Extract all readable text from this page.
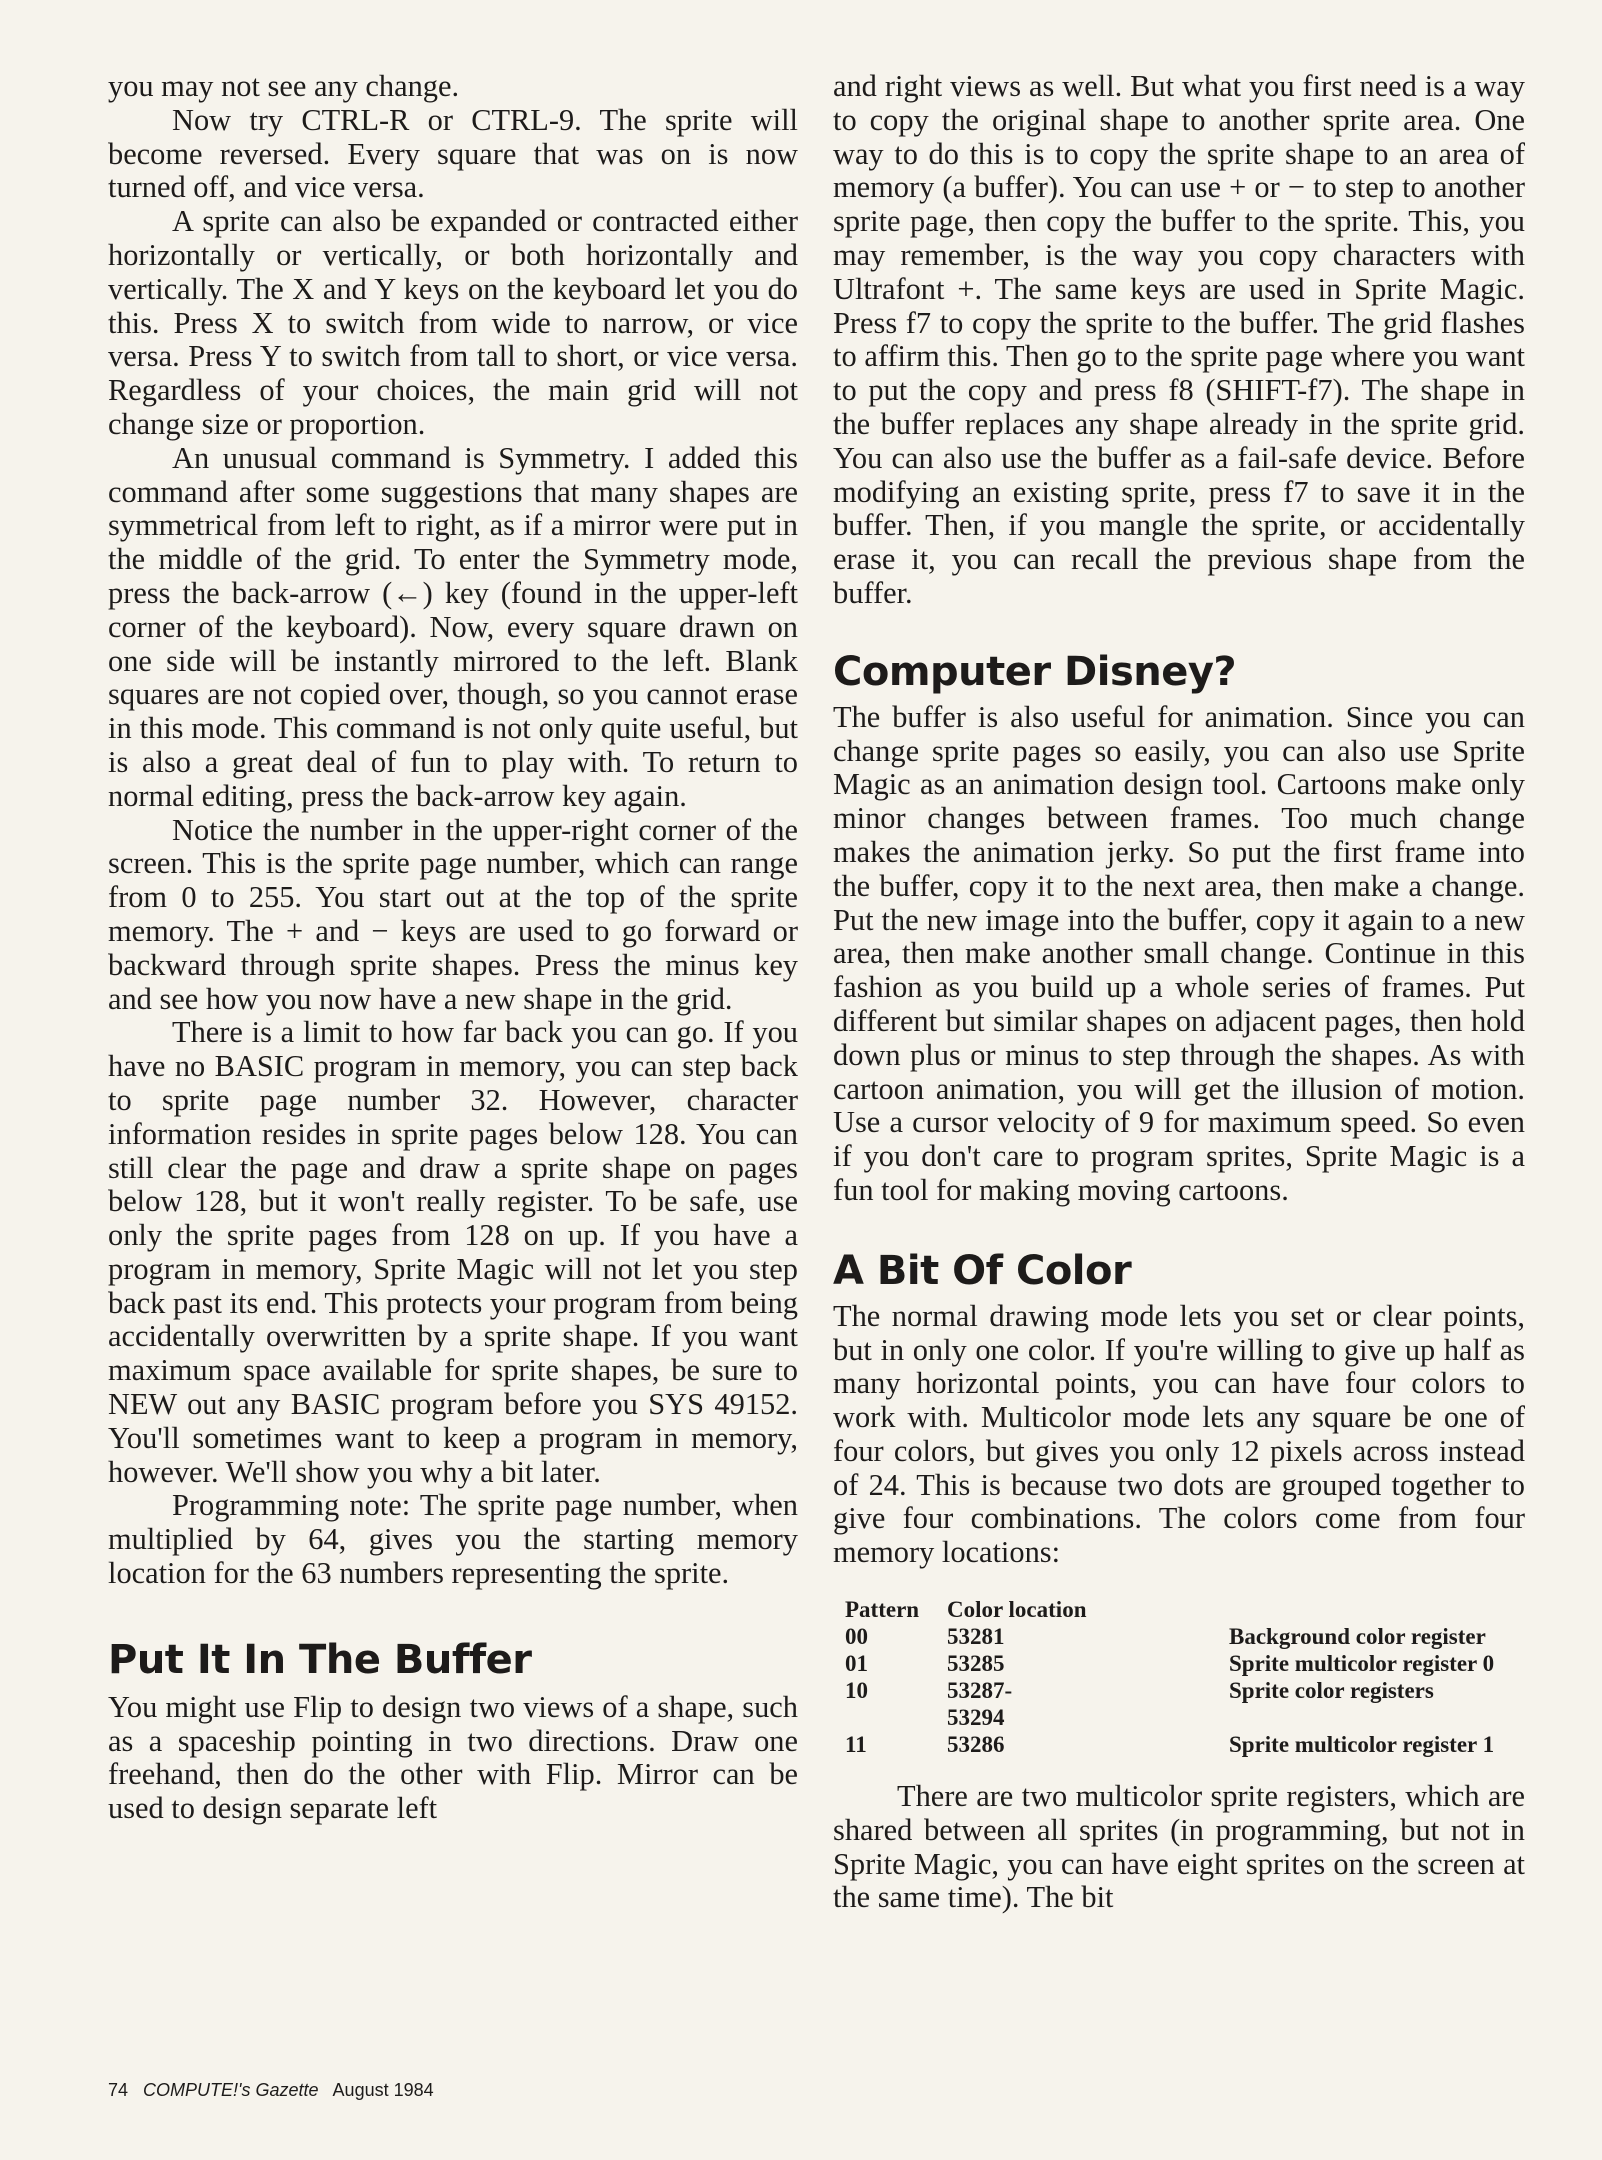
you may not see any change.

Now try CTRL-R or CTRL-9. The sprite will become reversed. Every square that was on is now turned off, and vice versa.

A sprite can also be expanded or contracted either horizontally or vertically, or both horizontally and vertically. The X and Y keys on the keyboard let you do this. Press X to switch from wide to narrow, or vice versa. Press Y to switch from tall to short, or vice versa. Regardless of your choices, the main grid will not change size or proportion.

An unusual command is Symmetry. I added this command after some suggestions that many shapes are symmetrical from left to right, as if a mirror were put in the middle of the grid. To enter the Symmetry mode, press the back-arrow (←) key (found in the upper-left corner of the keyboard). Now, every square drawn on one side will be instantly mirrored to the left. Blank squares are not copied over, though, so you cannot erase in this mode. This command is not only quite useful, but is also a great deal of fun to play with. To return to normal editing, press the back-arrow key again.

Notice the number in the upper-right corner of the screen. This is the sprite page number, which can range from 0 to 255. You start out at the top of the sprite memory. The + and − keys are used to go forward or backward through sprite shapes. Press the minus key and see how you now have a new shape in the grid.

There is a limit to how far back you can go. If you have no BASIC program in memory, you can step back to sprite page number 32. However, character information resides in sprite pages below 128. You can still clear the page and draw a sprite shape on pages below 128, but it won't really register. To be safe, use only the sprite pages from 128 on up. If you have a program in memory, Sprite Magic will not let you step back past its end. This protects your program from being accidentally overwritten by a sprite shape. If you want maximum space available for sprite shapes, be sure to NEW out any BASIC program before you SYS 49152. You'll sometimes want to keep a program in memory, however. We'll show you why a bit later.

Programming note: The sprite page number, when multiplied by 64, gives you the starting memory location for the 63 numbers representing the sprite.

Put It In The Buffer

You might use Flip to design two views of a shape, such as a spaceship pointing in two directions. Draw one freehand, then do the other with Flip. Mirror can be used to design separate left

and right views as well. But what you first need is a way to copy the original shape to another sprite area. One way to do this is to copy the sprite shape to an area of memory (a buffer). You can use + or − to step to another sprite page, then copy the buffer to the sprite. This, you may remember, is the way you copy characters with Ultrafont +. The same keys are used in Sprite Magic. Press f7 to copy the sprite to the buffer. The grid flashes to affirm this. Then go to the sprite page where you want to put the copy and press f8 (SHIFT-f7). The shape in the buffer replaces any shape already in the sprite grid. You can also use the buffer as a fail-safe device. Before modifying an existing sprite, press f7 to save it in the buffer. Then, if you mangle the sprite, or accidentally erase it, you can recall the previous shape from the buffer.

Computer Disney?

The buffer is also useful for animation. Since you can change sprite pages so easily, you can also use Sprite Magic as an animation design tool. Cartoons make only minor changes between frames. Too much change makes the animation jerky. So put the first frame into the buffer, copy it to the next area, then make a change. Put the new image into the buffer, copy it again to a new area, then make another small change. Continue in this fashion as you build up a whole series of frames. Put different but similar shapes on adjacent pages, then hold down plus or minus to step through the shapes. As with cartoon animation, you will get the illusion of motion. Use a cursor velocity of 9 for maximum speed. So even if you don't care to program sprites, Sprite Magic is a fun tool for making moving cartoons.

A Bit Of Color

The normal drawing mode lets you set or clear points, but in only one color. If you're willing to give up half as many horizontal points, you can have four colors to work with. Multicolor mode lets any square be one of four colors, but gives you only 12 pixels across instead of 24. This is because two dots are grouped together to give four combinations. The colors come from four memory locations:

Pattern	Color location	
00	53281	Background color register
01	53285	Sprite multicolor register 0
10	53287-	Sprite color registers
	53294	
11	53286	Sprite multicolor register 1

There are two multicolor sprite registers, which are shared between all sprites (in programming, but not in Sprite Magic, you can have eight sprites on the screen at the same time). The bit

74 COMPUTE!'s Gazette August 1984
